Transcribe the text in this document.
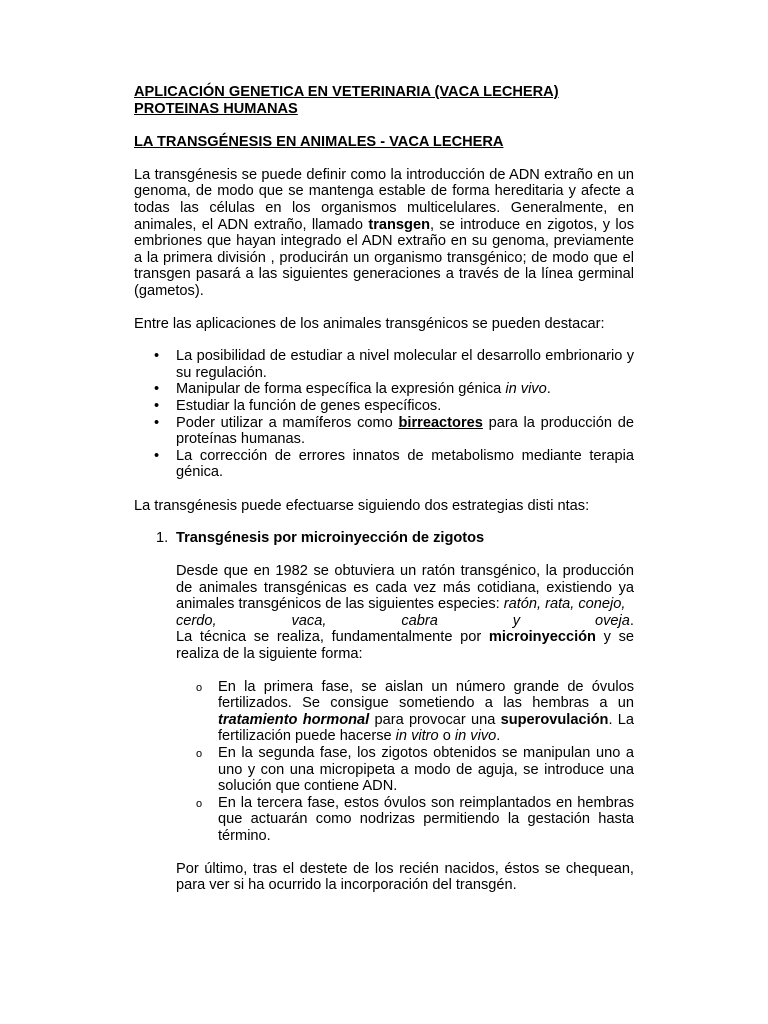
APLICACIÓN GENETICA EN VETERINARIA (VACA LECHERA) PROTEINAS HUMANAS
LA TRANSGÉNESIS EN ANIMALES - VACA LECHERA

La transgénesis se puede definir como la introducción de ADN extraño en un genoma, de modo que se mantenga estable de forma hereditaria y afecte a todas las células en los organismos multicelulares. Generalmente, en animales, el ADN extraño, llamado transgen, se introduce en zigotos, y los embriones que hayan integrado el ADN extraño en su genoma, previamente a la primera división , producirán un organismo transgénico; de modo que el transgen pasará a las siguientes generaciones a través de la línea germinal (gametos).

Entre las aplicaciones de los animales transgénicos se pueden destacar:

• La posibilidad de estudiar a nivel molecular el desarrollo embrionario y su regulación.
• Manipular de forma específica la expresión génica in vivo.
• Estudiar la función de genes específicos.
• Poder utilizar a mamíferos como birreactores para la producción de proteínas humanas.
• La corrección de errores innatos de metabolismo mediante terapia génica.

La transgénesis puede efectuarse siguiendo dos estrategias disti ntas:

1. Transgénesis por microinyección de zigotos

Desde que en 1982 se obtuviera un ratón transgénico, la producción de animales transgénicas es cada vez más cotidiana, existiendo ya animales transgénicos de las siguientes especies: ratón, rata, conejo,

cerdo,	vaca,	cabra	y	oveja.

La técnica se realiza, fundamentalmente por microinyección y se realiza de la siguiente forma:

o En la primera fase, se aislan un número grande de óvulos fertilizados. Se consigue sometiendo a las hembras a un tratamiento hormonal para provocar una superovulación. La fertilización puede hacerse in vitro o in vivo.
o En la segunda fase, los zigotos obtenidos se manipulan uno a uno y con una micropipeta a modo de aguja, se introduce una solución que contiene ADN.
o En la tercera fase, estos óvulos son reimplantados en hembras que actuarán como nodrizas permitiendo la gestación hasta término.

Por último, tras el destete de los recién nacidos, éstos se chequean, para ver si ha ocurrido la incorporación del transgén.
